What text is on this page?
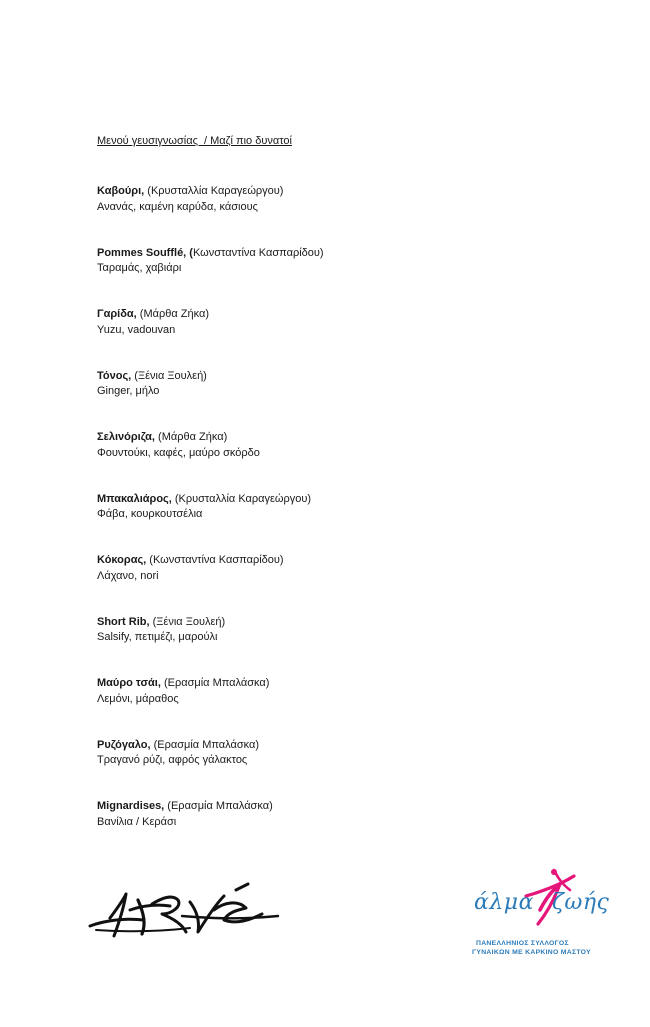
Μενού γευσιγνωσίας  / Μαζί πιο δυνατοί
Καβούρι, (Κρυσταλλία Καραγεώργου)
Ανανάς, καμένη καρύδα, κάσιους
Pommes Soufflé, (Κωνσταντίνα Κασπαρίδου)
Ταραμάς, χαβιάρι
Γαρίδα, (Μάρθα Ζήκα)
Yuzu, vadouvan
Τόνος, (Ξένια Ξουλεή)
Ginger, μήλο
Σελινόριζα, (Μάρθα Ζήκα)
Φουντούκι, καφές, μαύρο σκόρδο
Μπακαλιάρος, (Κρυσταλλία Καραγεώργου)
Φάβα, κουρκουτσέλια
Κόκορας, (Κωνσταντίνα Κασπαρίδου)
Λάχανο, nori
Short Rib, (Ξένια Ξουλεή)
Salsify, πετιμέζι, μαρούλι
Μαύρο τσάι, (Ερασμία Μπαλάσκα)
Λεμόνι, μάραθος
Ρυζόγαλο, (Ερασμία Μπαλάσκα)
Τραγανό ρύζι, αφρός γάλακτος
Mignardises, (Ερασμία Μπαλάσκα)
Βανίλια / Κεράσι
άλμα ζωής
ΠΑΝΕΛΛΗΝΙΟΣ ΣΥΛΛΟΓΟΣ
ΓΥΝΑΙΚΩΝ ΜΕ ΚΑΡΚΙΝΟ ΜΑΣΤΟΥ
